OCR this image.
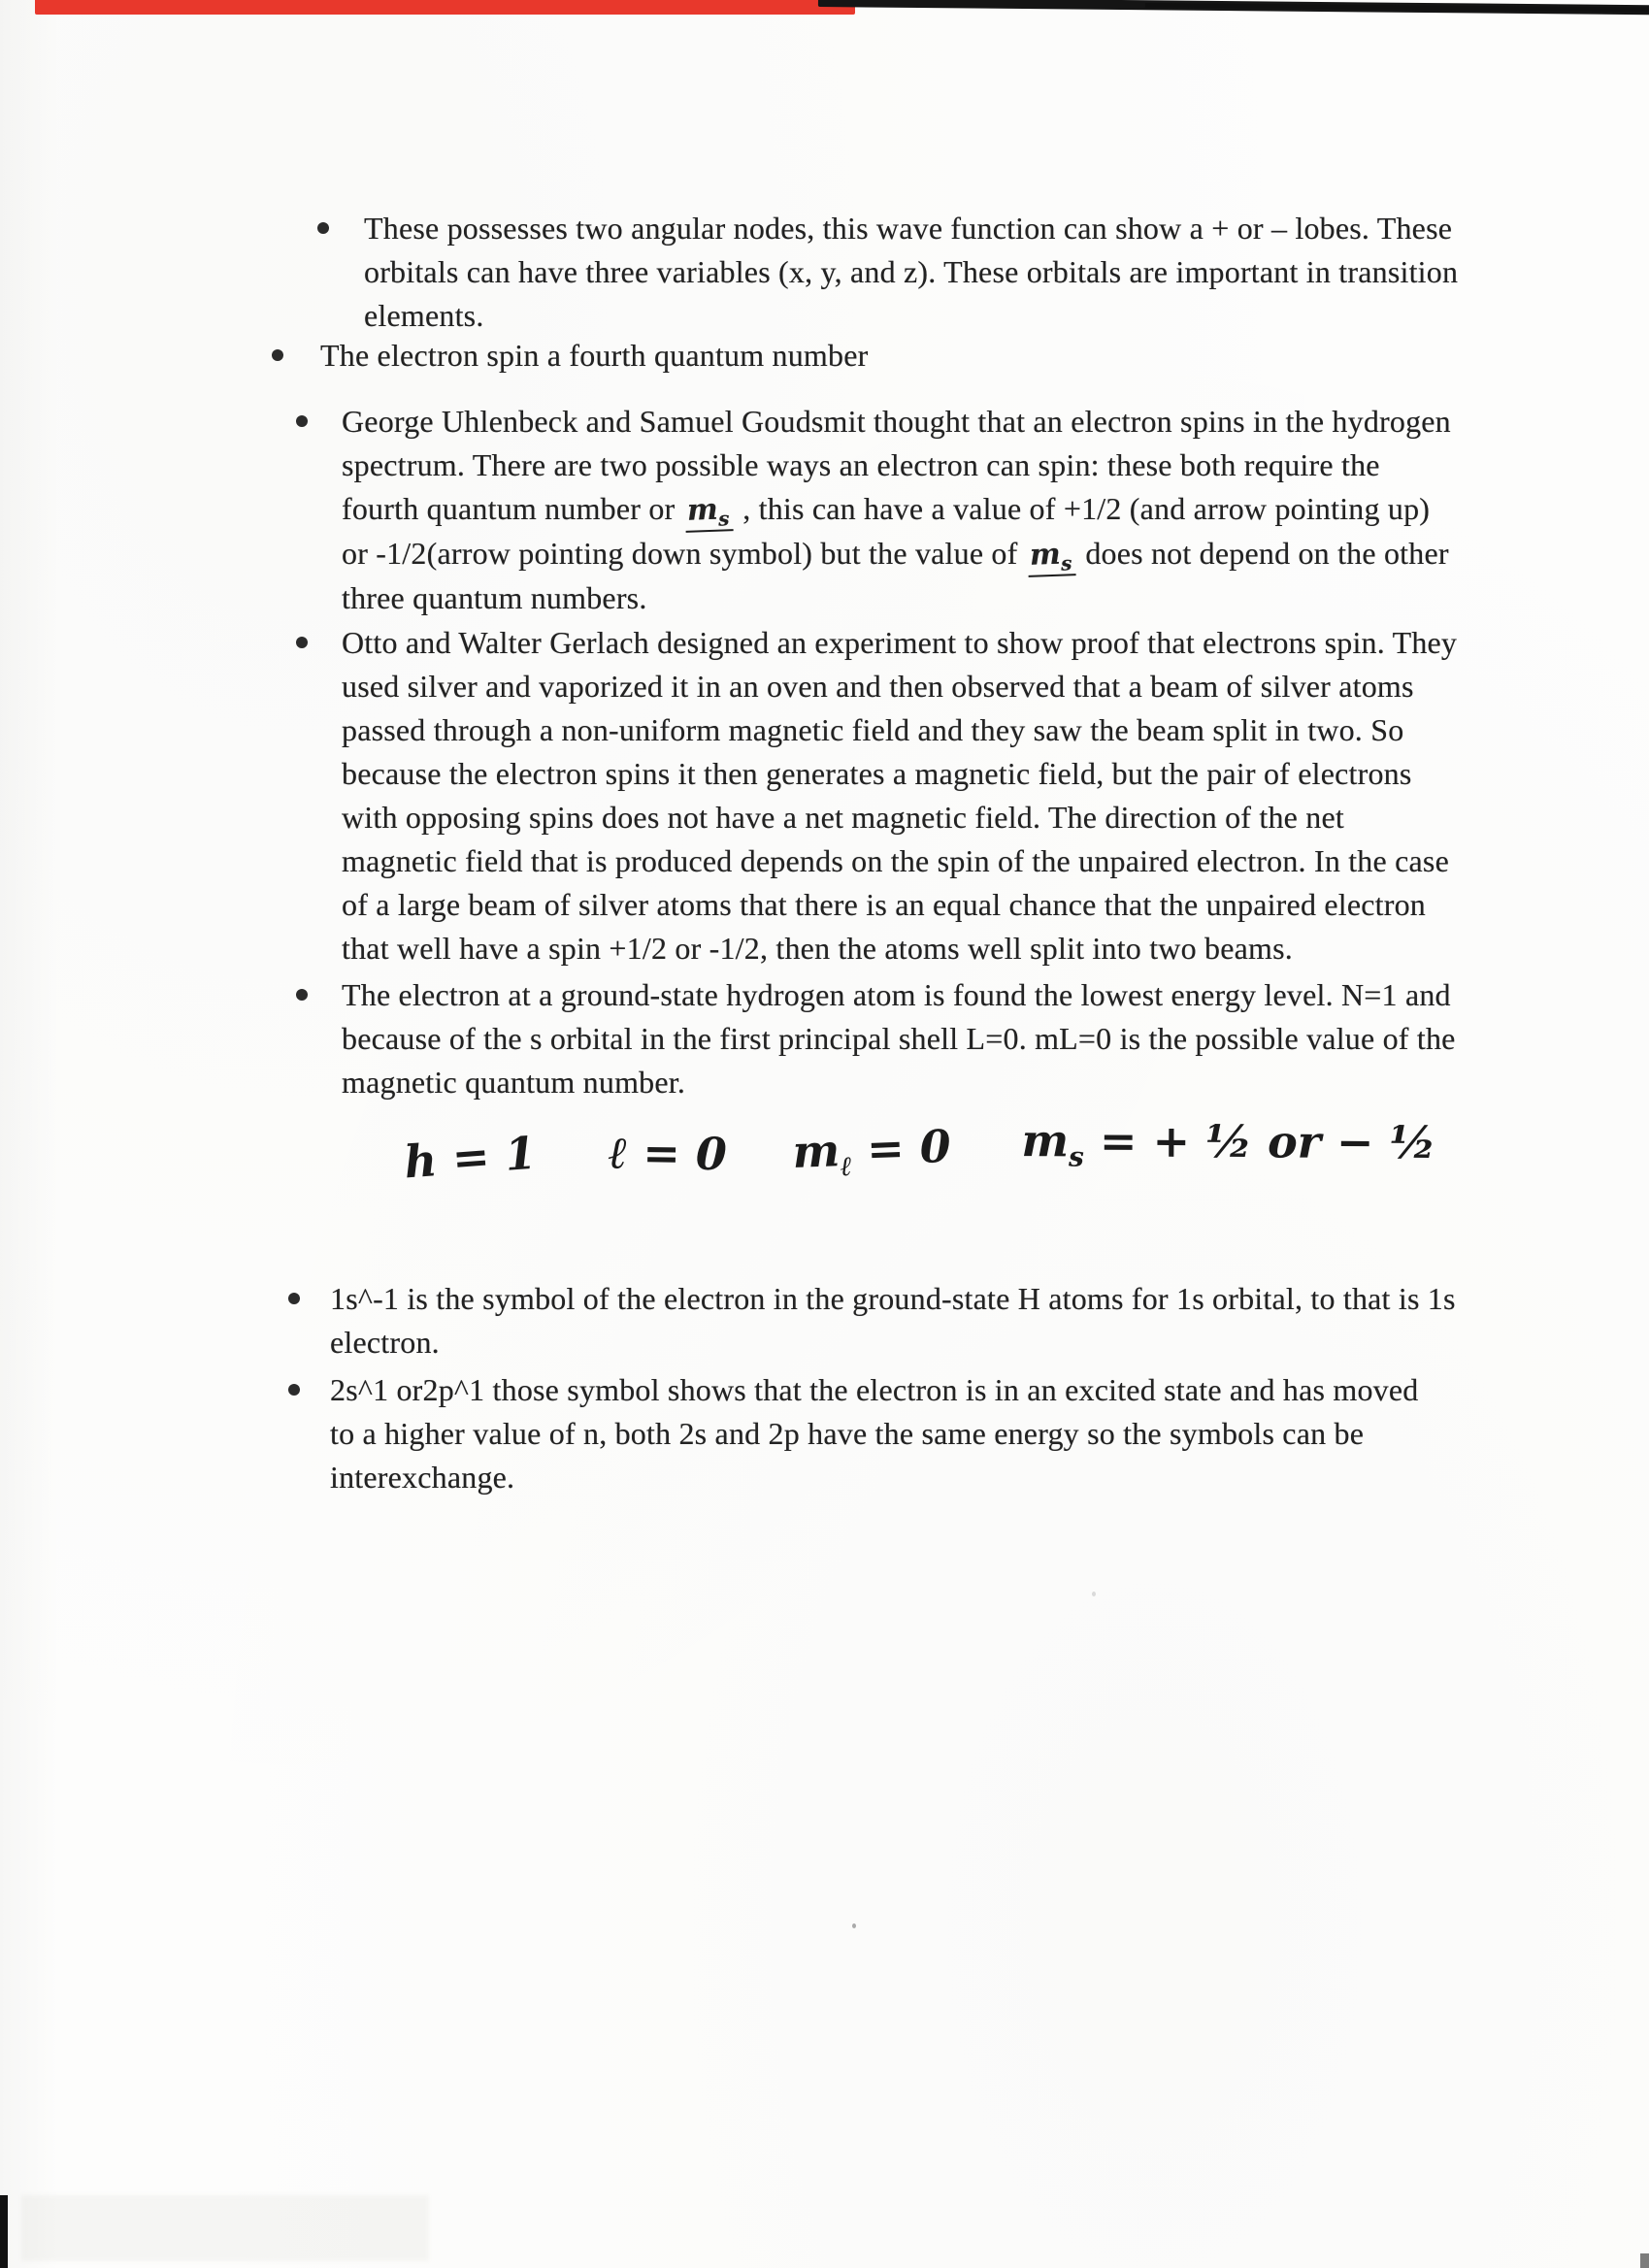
These possesses two angular nodes, this wave function can show a + or – lobes. These orbitals can have three variables (x, y, and z). These orbitals are important in transition elements.
The electron spin a fourth quantum number
George Uhlenbeck and Samuel Goudsmit thought that an electron spins in the hydrogen spectrum. There are two possible ways an electron can spin: these both require the fourth quantum number or $m_s$ , this can have a value of +1/2 (and arrow pointing up) or -1/2(arrow pointing down symbol) but the value of $m_s$ does not depend on the other three quantum numbers.
Otto and Walter Gerlach designed an experiment to show proof that electrons spin. They used silver and vaporized it in an oven and then observed that a beam of silver atoms passed through a non-uniform magnetic field and they saw the beam split in two. So because the electron spins it then generates a magnetic field, but the pair of electrons with opposing spins does not have a net magnetic field. The direction of the net magnetic field that is produced depends on the spin of the unpaired electron. In the case of a large beam of silver atoms that there is an equal chance that the unpaired electron that well have a spin +1/2 or -1/2, then the atoms well split into two beams.
The electron at a ground-state hydrogen atom is found the lowest energy level. N=1 and because of the s orbital in the first principal shell L=0. mL=0 is the possible value of the magnetic quantum number.
h = 1 ℓ = 0 $m_\ell = 0$ $m_s$ = + ½ or − ½
1s^-1 is the symbol of the electron in the ground-state H atoms for 1s orbital, to that is 1s electron.
2s^1 or2p^1 those symbol shows that the electron is in an excited state and has moved to a higher value of n, both 2s and 2p have the same energy so the symbols can be interexchange.
